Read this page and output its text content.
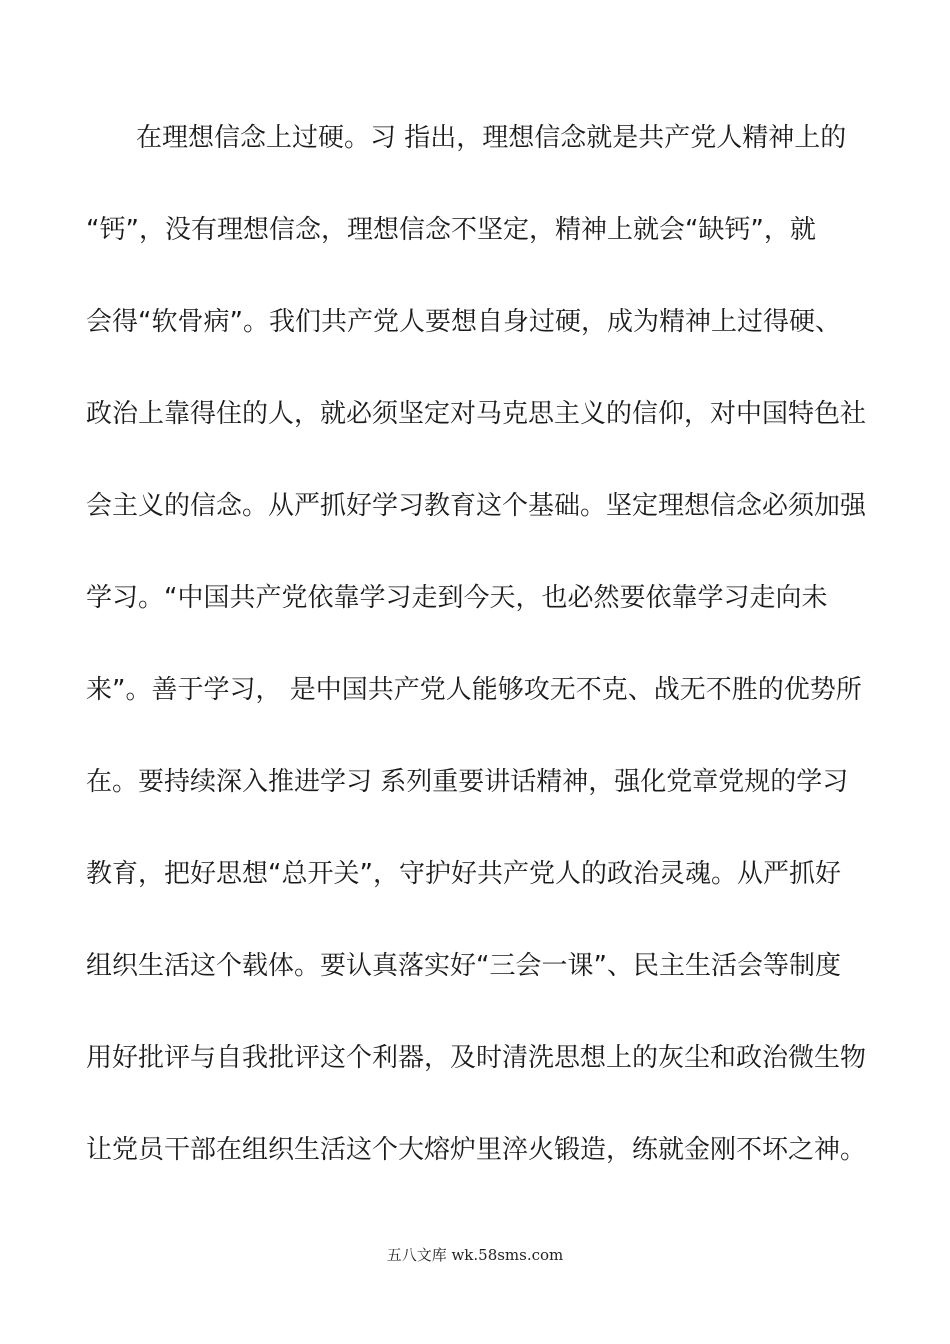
在理想信念上过硬。习 指出，理想信念就是共产党人精神上的
“钙”，没有理想信念，理想信念不坚定，精神上就会“缺钙”，就
会得“软骨病”。我们共产党人要想自身过硬，成为精神上过得硬、
政治上靠得住的人，就必须坚定对马克思主义的信仰，对中国特色社
会主义的信念。从严抓好学习教育这个基础。坚定理想信念必须加强
学习。“中国共产党依靠学习走到今天，也必然要依靠学习走向未
来”。善于学习， 是中国共产党人能够攻无不克、战无不胜的优势所
在。要持续深入推进学习 系列重要讲话精神，强化党章党规的学习
教育，把好思想“总开关”，守护好共产党人的政治灵魂。从严抓好
组织生活这个载体。要认真落实好“三会一课”、民主生活会等制度
用好批评与自我批评这个利器，及时清洗思想上的灰尘和政治微生物
让党员干部在组织生活这个大熔炉里淬火锻造，练就金刚不坏之神。
五八文库 wk.58sms.com
